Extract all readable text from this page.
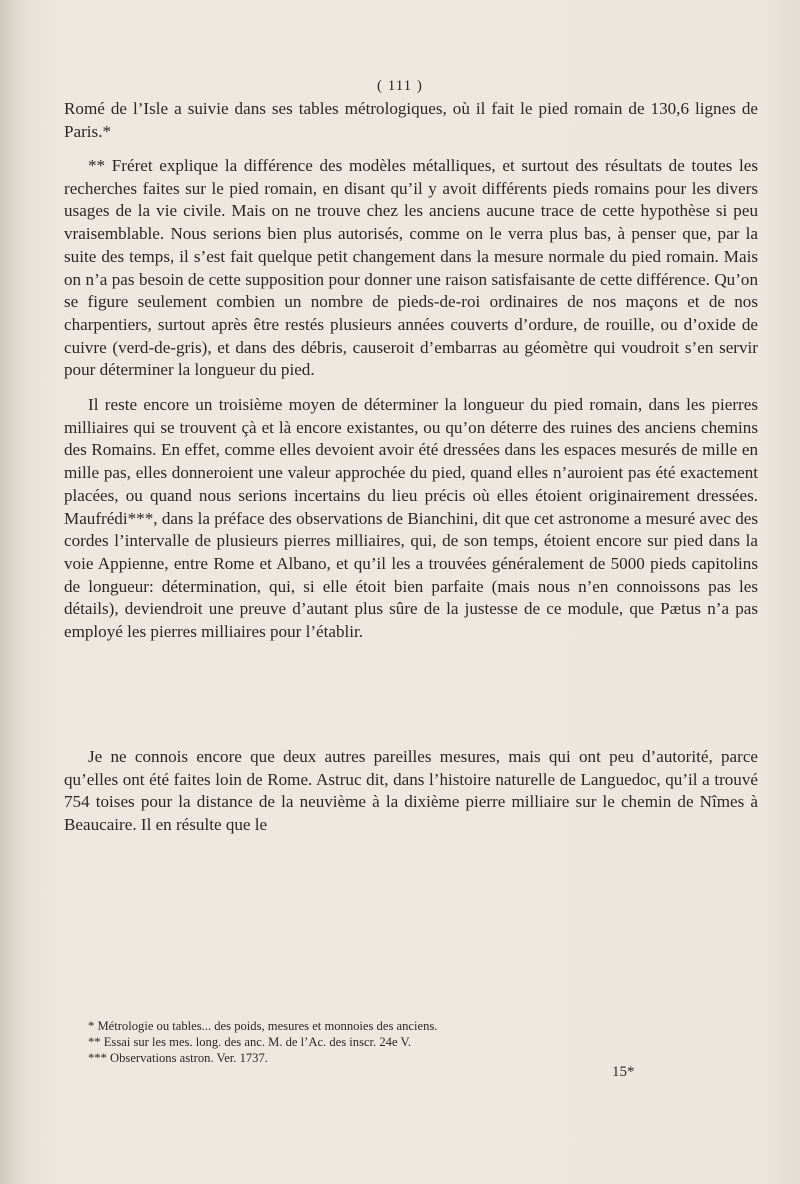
( 111 )

Romé de l’Isle a suivie dans ses tables métrologiques, où il fait le pied romain de 130,6 lignes de Paris.*

** Fréret explique la différence des modèles métalliques, et surtout des résultats de toutes les recherches faites sur le pied romain, en disant qu’il y avoit différents pieds romains pour les divers usages de la vie civile. Mais on ne trouve chez les anciens aucune trace de cette hypothèse si peu vraisemblable. Nous serions bien plus autorisés, comme on le verra plus bas, à penser que, par la suite des temps, il s’est fait quelque petit changement dans la mesure normale du pied romain. Mais on n’a pas besoin de cette supposition pour donner une raison satisfaisante de cette différence. Qu’on se figure seulement combien un nombre de pieds-de-roi ordinaires de nos maçons et de nos charpentiers, surtout après être restés plusieurs années couverts d’ordure, de rouille, ou d’oxide de cuivre (verd-de-gris), et dans des débris, causeroit d’embarras au géomètre qui voudroit s’en servir pour déterminer la longueur du pied.

Il reste encore un troisième moyen de déterminer la longueur du pied romain, dans les pierres milliaires qui se trouvent çà et là encore existantes, ou qu’on déterre des ruines des anciens chemins des Romains. En effet, comme elles devoient avoir été dressées dans les espaces mesurés de mille en mille pas, elles donneroient une valeur approchée du pied, quand elles n’auroient pas été exactement placées, ou quand nous serions incertains du lieu précis où elles étoient originairement dressées. Maufrédi***, dans la préface des observations de Bianchini, dit que cet astronome a mesuré avec des cordes l’intervalle de plusieurs pierres milliaires, qui, de son temps, étoient encore sur pied dans la voie Appienne, entre Rome et Albano, et qu’il les a trouvées généralement de 5000 pieds capitolins de longueur: détermination, qui, si elle étoit bien parfaite (mais nous n’en connoissons pas les détails), deviendroit une preuve d’autant plus sûre de la justesse de ce module, que Pætus n’a pas employé les pierres milliaires pour l’établir.

Je ne connois encore que deux autres pareilles mesures, mais qui ont peu d’autorité, parce qu’elles ont été faites loin de Rome. Astruc dit, dans l’histoire naturelle de Languedoc, qu’il a trouvé 754 toises pour la distance de la neuvième à la dixième pierre milliaire sur le chemin de Nîmes à Beaucaire. Il en résulte que le

* Métrologie ou tables... des poids, mesures et monnoies des anciens.
** Essai sur les mes. long. des anc. M. de l’Ac. des inscr. 24e V.
*** Observations astron. Ver. 1737.
15*
